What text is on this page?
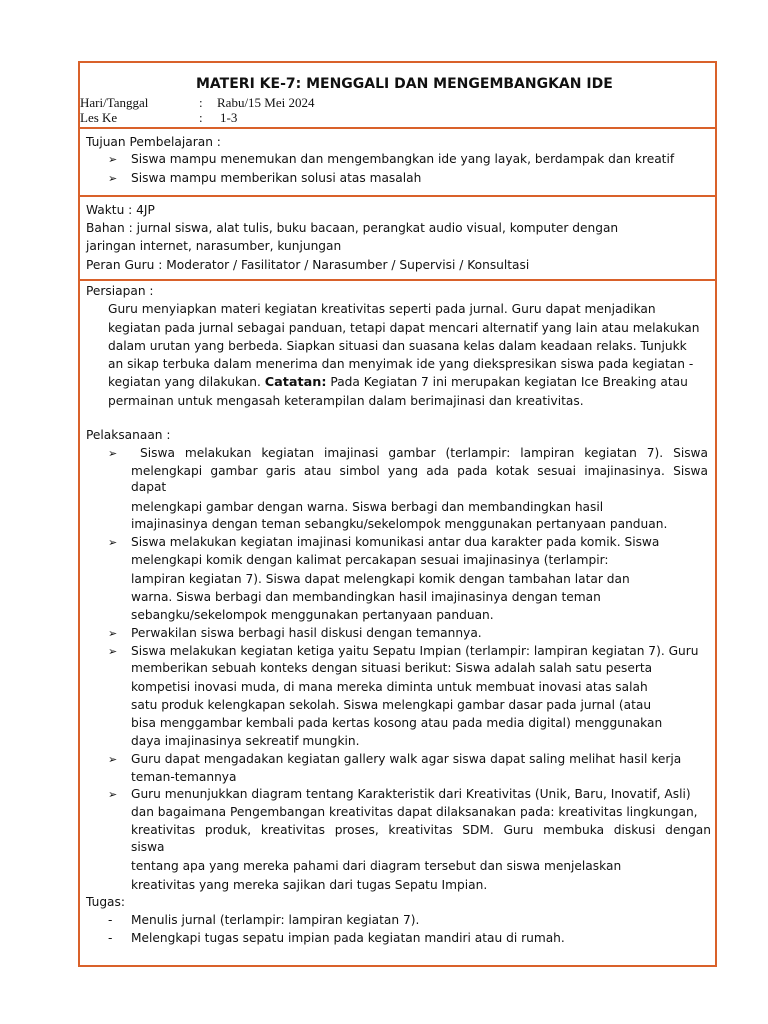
MATERI KE-7: MENGGALI DAN MENGEMBANGKAN IDE
Hari/Tanggal	: Rabu/15 Mei 2024
Les Ke	: 1-3
Tujuan Pembelajaran :
➢ Siswa mampu menemukan dan mengembangkan ide yang layak, berdampak dan kreatif
➢ Siswa mampu memberikan solusi atas masalah
Waktu : 4JP
Bahan : jurnal siswa, alat tulis, buku bacaan, perangkat audio visual, komputer dengan
jaringan internet, narasumber, kunjungan
Peran Guru : Moderator / Fasilitator / Narasumber / Supervisi / Konsultasi
Persiapan :
Guru menyiapkan materi kegiatan kreativitas seperti pada jurnal. Guru dapat menjadikan
kegiatan pada jurnal sebagai panduan, tetapi dapat mencari alternatif yang lain atau melakukan
dalam urutan yang berbeda. Siapkan situasi dan suasana kelas dalam keadaan relaks. Tunjukk
an sikap terbuka dalam menerima dan menyimak ide yang diekspresikan siswa pada kegiatan -
kegiatan yang dilakukan. Catatan: Pada Kegiatan 7 ini merupakan kegiatan Ice Breaking atau
permainan untuk mengasah keterampilan dalam berimajinasi dan kreativitas.
Pelaksanaan :
➢ Siswa melakukan kegiatan imajinasi gambar (terlampir: lampiran kegiatan 7). Siswa
melengkapi gambar garis atau simbol yang ada pada kotak sesuai imajinasinya. Siswa
dapat
melengkapi gambar dengan warna. Siswa berbagi dan membandingkan hasil
imajinasinya dengan teman sebangku/sekelompok menggunakan pertanyaan panduan.
➢ Siswa melakukan kegiatan imajinasi komunikasi antar dua karakter pada komik. Siswa
melengkapi komik dengan kalimat percakapan sesuai imajinasinya (terlampir:
lampiran kegiatan 7). Siswa dapat melengkapi komik dengan tambahan latar dan
warna. Siswa berbagi dan membandingkan hasil imajinasinya dengan teman
sebangku/sekelompok menggunakan pertanyaan panduan.
➢ Perwakilan siswa berbagi hasil diskusi dengan temannya.
➢ Siswa melakukan kegiatan ketiga yaitu Sepatu Impian (terlampir: lampiran kegiatan 7). Guru
memberikan sebuah konteks dengan situasi berikut: Siswa adalah salah satu peserta
kompetisi inovasi muda, di mana mereka diminta untuk membuat inovasi atas salah
satu produk kelengkapan sekolah. Siswa melengkapi gambar dasar pada jurnal (atau
bisa menggambar kembali pada kertas kosong atau pada media digital) menggunakan
daya imajinasinya sekreatif mungkin.
➢ Guru dapat mengadakan kegiatan gallery walk agar siswa dapat saling melihat hasil kerja
teman-temannya
➢ Guru menunjukkan diagram tentang Karakteristik dari Kreativitas (Unik, Baru, Inovatif, Asli)
dan bagaimana Pengembangan kreativitas dapat dilaksanakan pada: kreativitas lingkungan,
kreativitas produk, kreativitas proses, kreativitas SDM. Guru membuka diskusi dengan
siswa
tentang apa yang mereka pahami dari diagram tersebut dan siswa menjelaskan
kreativitas yang mereka sajikan dari tugas Sepatu Impian.
Tugas:
- Menulis jurnal (terlampir: lampiran kegiatan 7).
- Melengkapi tugas sepatu impian pada kegiatan mandiri atau di rumah.
